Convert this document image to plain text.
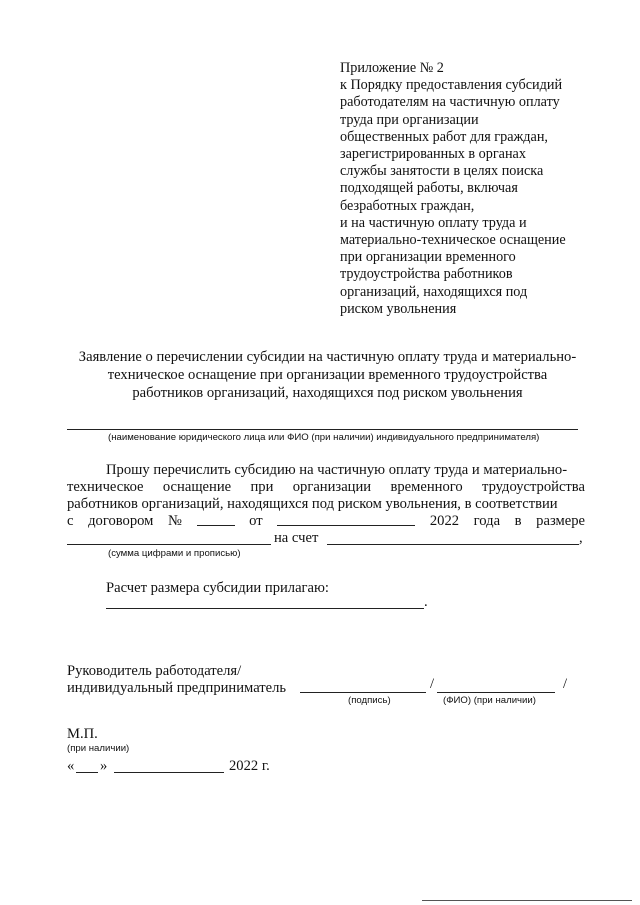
Приложение № 2
к Порядку предоставления субсидий
работодателям на частичную оплату
труда при организации
общественных работ для граждан,
зарегистрированных в органах
службы занятости в целях поиска
подходящей работы, включая
безработных граждан,
и на частичную оплату труда и
материально-техническое оснащение
при организации временного
трудоустройства работников
организаций, находящихся под
риском увольнения
Заявление о перечислении субсидии на частичную оплату труда и материально-
техническое оснащение при организации временного трудоустройства
работников организаций, находящихся под риском увольнения
(наименование юридического лица или ФИО (при наличии) индивидуального предпринимателя)
Прошу перечислить субсидию на частичную оплату труда и материально-
техническое оснащение при организации временного трудоустройства
работников организаций, находящихся под риском увольнения, в соответствии
с договором №	от	2022 года в размере
на счет	,
(сумма цифрами и прописью)
Расчет размера субсидии прилагаю:
.
Руководитель работодателя/
индивидуальный предприниматель	/	/
(подпись)	(ФИО) (при наличии)
М.П.
(при наличии)
« »	2022 г.
